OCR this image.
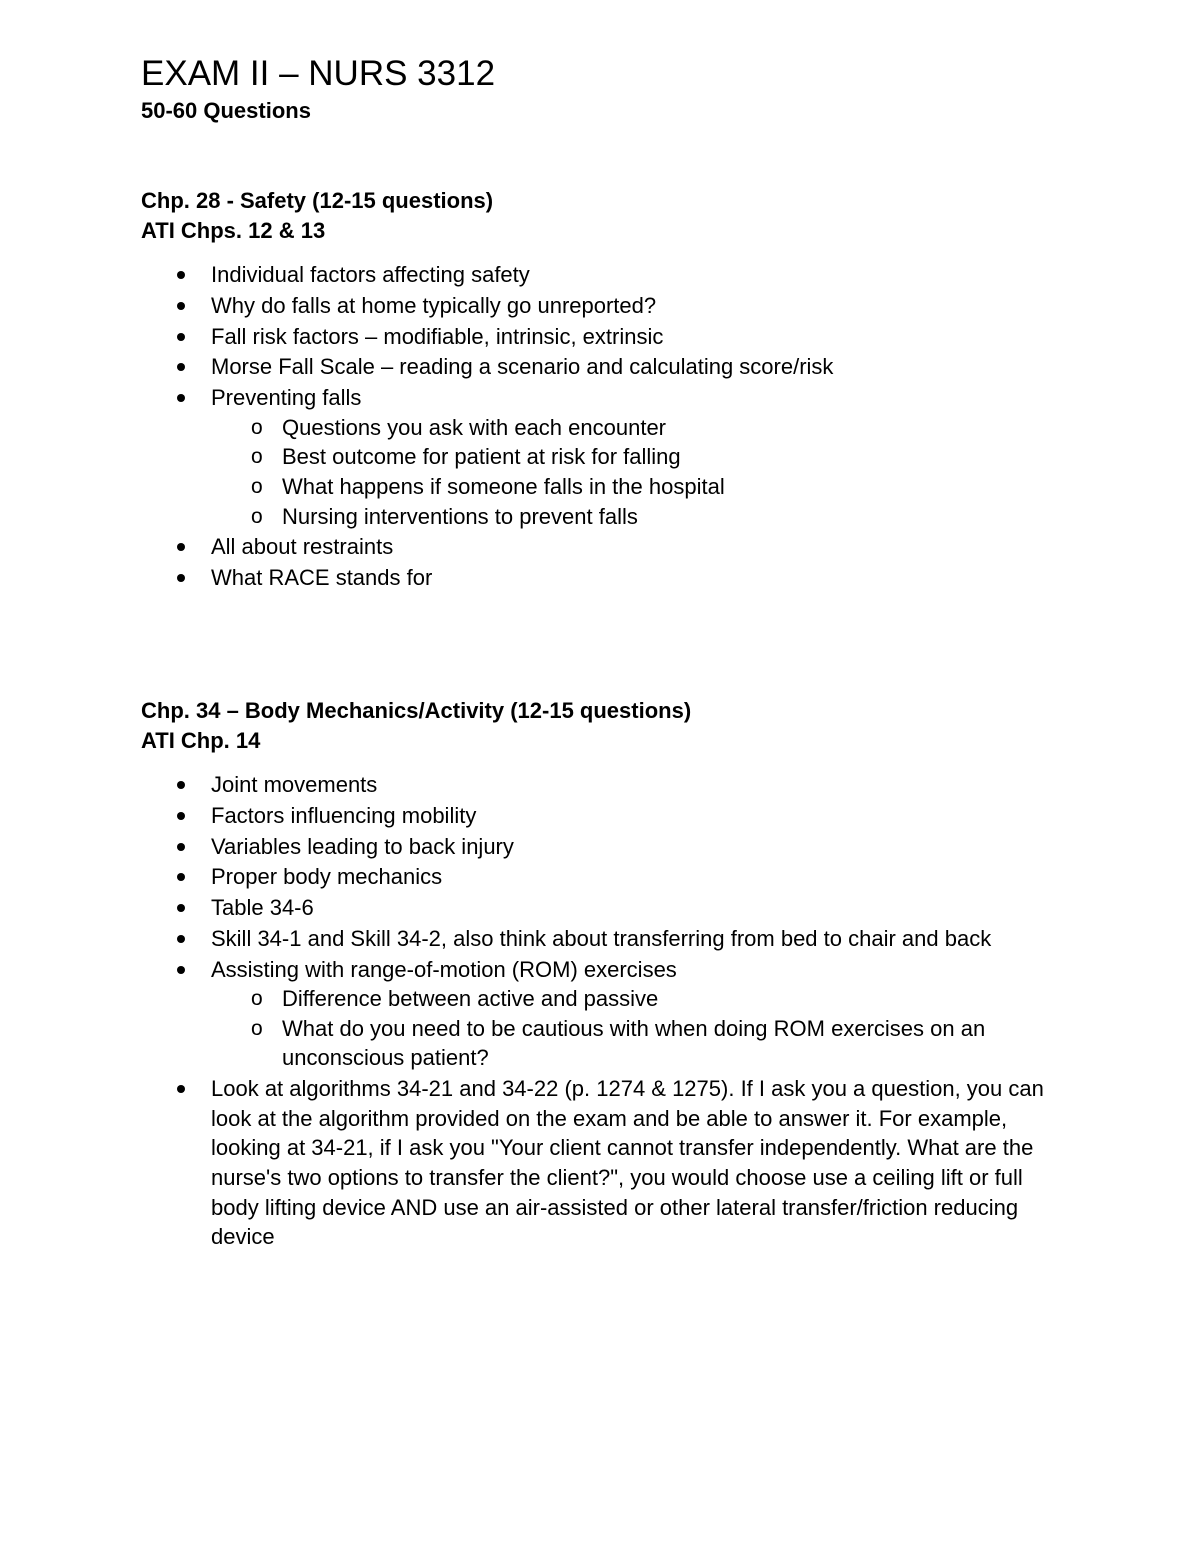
EXAM II – NURS 3312
50-60 Questions
Chp. 28 - Safety (12-15 questions)
ATI Chps. 12 & 13
Individual factors affecting safety
Why do falls at home typically go unreported?
Fall risk factors – modifiable, intrinsic, extrinsic
Morse Fall Scale – reading a scenario and calculating score/risk
Preventing falls
o Questions you ask with each encounter
o Best outcome for patient at risk for falling
o What happens if someone falls in the hospital
o Nursing interventions to prevent falls
All about restraints
What RACE stands for
Chp. 34 – Body Mechanics/Activity (12-15 questions)
ATI Chp. 14
Joint movements
Factors influencing mobility
Variables leading to back injury
Proper body mechanics
Table 34-6
Skill 34-1 and Skill 34-2, also think about transferring from bed to chair and back
Assisting with range-of-motion (ROM) exercises
o Difference between active and passive
o What do you need to be cautious with when doing ROM exercises on an unconscious patient?
Look at algorithms 34-21 and 34-22 (p. 1274 & 1275). If I ask you a question, you can look at the algorithm provided on the exam and be able to answer it. For example, looking at 34-21, if I ask you "Your client cannot transfer independently. What are the nurse's two options to transfer the client?", you would choose use a ceiling lift or full body lifting device AND use an air-assisted or other lateral transfer/friction reducing device
